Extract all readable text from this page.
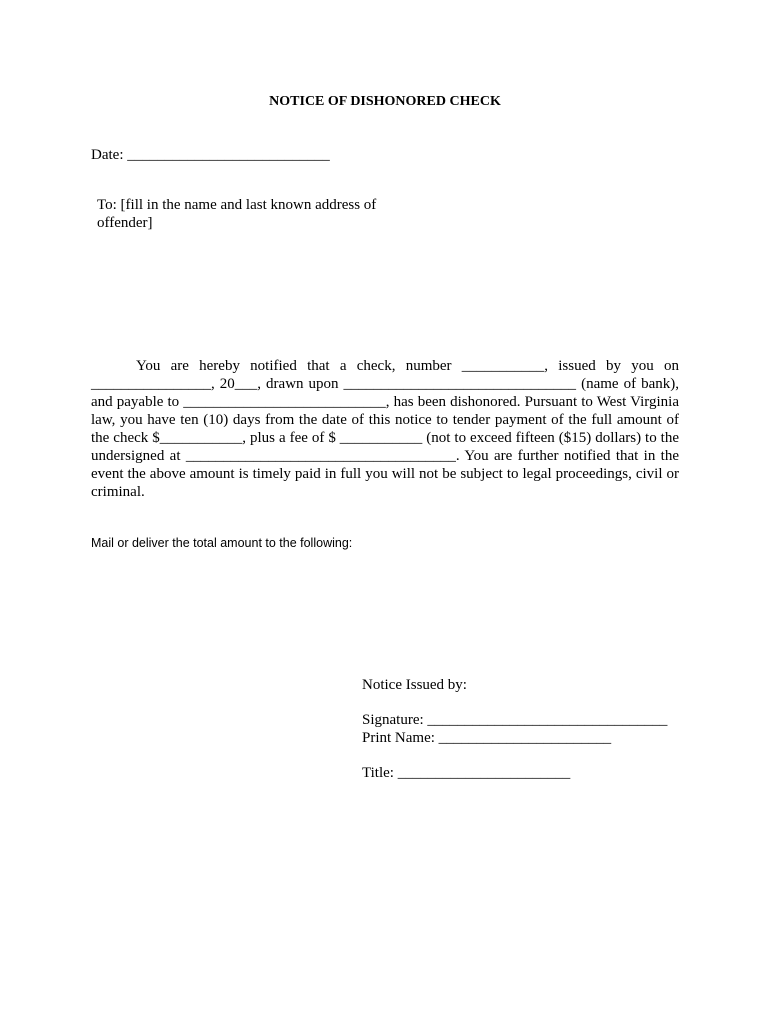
NOTICE OF DISHONORED CHECK
Date: ___________________________
To: [fill in the name and last known address of offender]
You are hereby notified that a check, number ___________, issued by you on ________________, 20___, drawn upon _______________________________ (name of bank), and payable to ___________________________, has been dishonored. Pursuant to West Virginia law, you have ten (10) days from the date of this notice to tender payment of the full amount of the check $___________, plus a fee of $ ___________ (not to exceed fifteen ($15) dollars) to the undersigned at ____________________________________. You are further notified that in the event the above amount is timely paid in full you will not be subject to legal proceedings, civil or criminal.
Mail or deliver the total amount to the following:
Notice Issued by:
Signature: ________________________________
Print Name: _______________________
Title: _______________________
